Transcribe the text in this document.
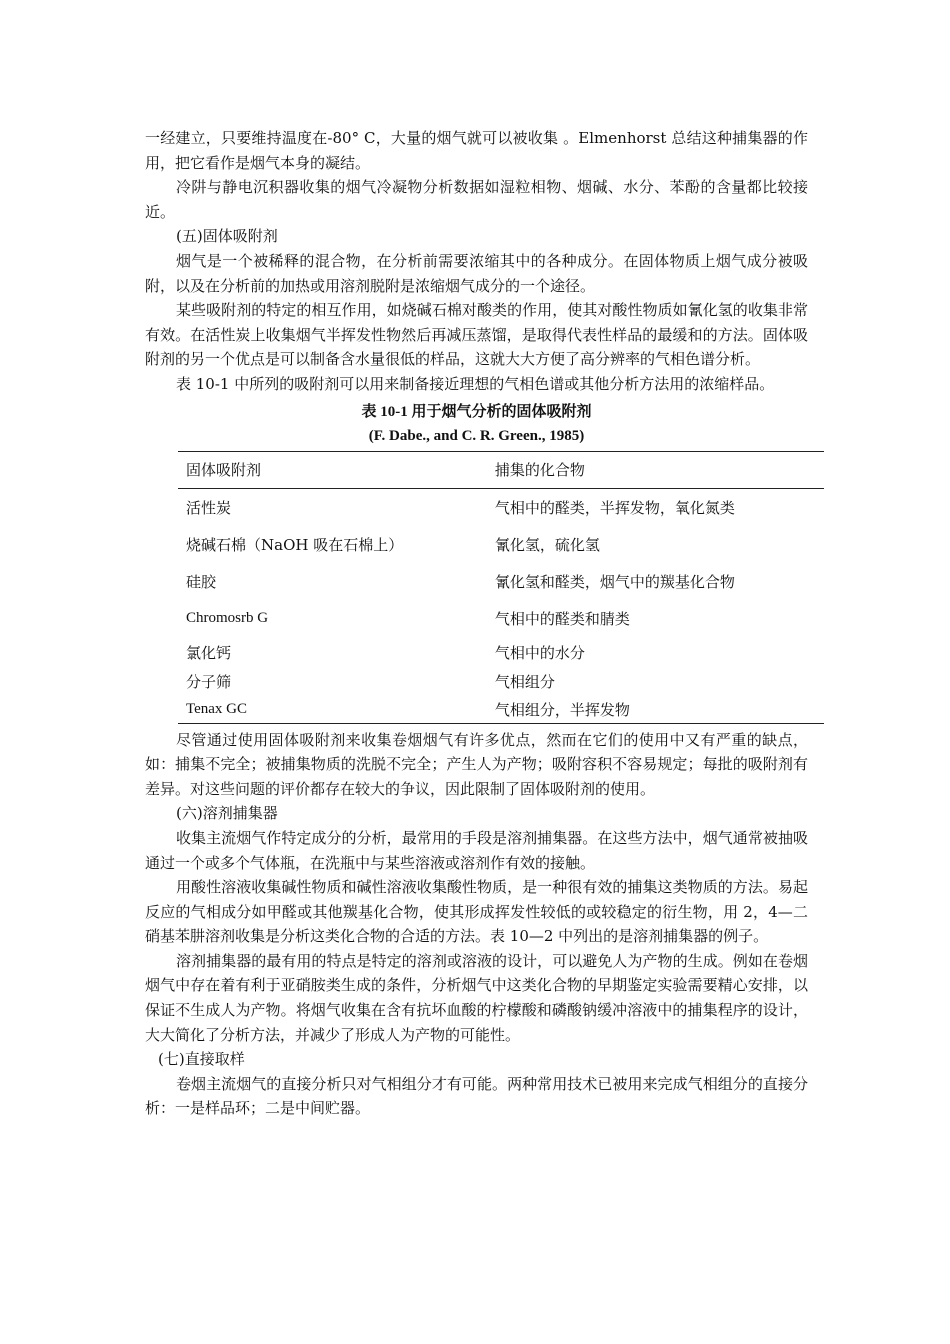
一经建立，只要维持温度在-80° C，大量的烟气就可以被收集 。Elmenhorst 总结这种捕集器的作用，把它看作是烟气本身的凝结。

冷阱与静电沉积器收集的烟气冷凝物分析数据如湿粒相物、烟碱、水分、苯酚的含量都比较接近。

(五)固体吸附剂

烟气是一个被稀释的混合物，在分析前需要浓缩其中的各种成分。在固体物质上烟气成分被吸附，以及在分析前的加热或用溶剂脱附是浓缩烟气成分的一个途径。

某些吸附剂的特定的相互作用，如烧碱石棉对酸类的作用，使其对酸性物质如氰化氢的收集非常有效。在活性炭上收集烟气半挥发性物然后再减压蒸馏，是取得代表性样品的最缓和的方法。固体吸附剂的另一个优点是可以制备含水量很低的样品，这就大大方便了高分辨率的气相色谱分析。

表 10-1 中所列的吸附剂可以用来制备接近理想的气相色谱或其他分析方法用的浓缩样品。

表 10-1 用于烟气分析的固体吸附剂
(F. Dabe., and C. R. Green., 1985)
固体吸附剂	捕集的化合物
活性炭	气相中的醛类，半挥发物，氧化氮类
烧碱石棉（NaOH 吸在石棉上）	氰化氢，硫化氢
硅胶	氰化氢和醛类，烟气中的羰基化合物
Chromosrb G	气相中的醛类和腈类
氯化钙	气相中的水分
分子筛	气相组分
Tenax GC	气相组分，半挥发物

尽管通过使用固体吸附剂来收集卷烟烟气有许多优点，然而在它们的使用中又有严重的缺点，如：捕集不完全；被捕集物质的洗脱不完全；产生人为产物；吸附容积不容易规定；每批的吸附剂有差异。对这些问题的评价都存在较大的争议，因此限制了固体吸附剂的使用。

(六)溶剂捕集器

收集主流烟气作特定成分的分析，最常用的手段是溶剂捕集器。在这些方法中，烟气通常被抽吸通过一个或多个气体瓶，在洗瓶中与某些溶液或溶剂作有效的接触。

用酸性溶液收集碱性物质和碱性溶液收集酸性物质，是一种很有效的捕集这类物质的方法。易起反应的气相成分如甲醛或其他羰基化合物，使其形成挥发性较低的或较稳定的衍生物，用 2，4—二硝基苯肼溶剂收集是分析这类化合物的合适的方法。表 10—2 中列出的是溶剂捕集器的例子。

溶剂捕集器的最有用的特点是特定的溶剂或溶液的设计，可以避免人为产物的生成。例如在卷烟烟气中存在着有利于亚硝胺类生成的条件，分析烟气中这类化合物的早期鉴定实验需要精心安排，以保证不生成人为产物。将烟气收集在含有抗坏血酸的柠檬酸和磷酸钠缓冲溶液中的捕集程序的设计，大大简化了分析方法，并减少了形成人为产物的可能性。

(七)直接取样

卷烟主流烟气的直接分析只对气相组分才有可能。两种常用技术已被用来完成气相组分的直接分析：一是样品环；二是中间贮器。
